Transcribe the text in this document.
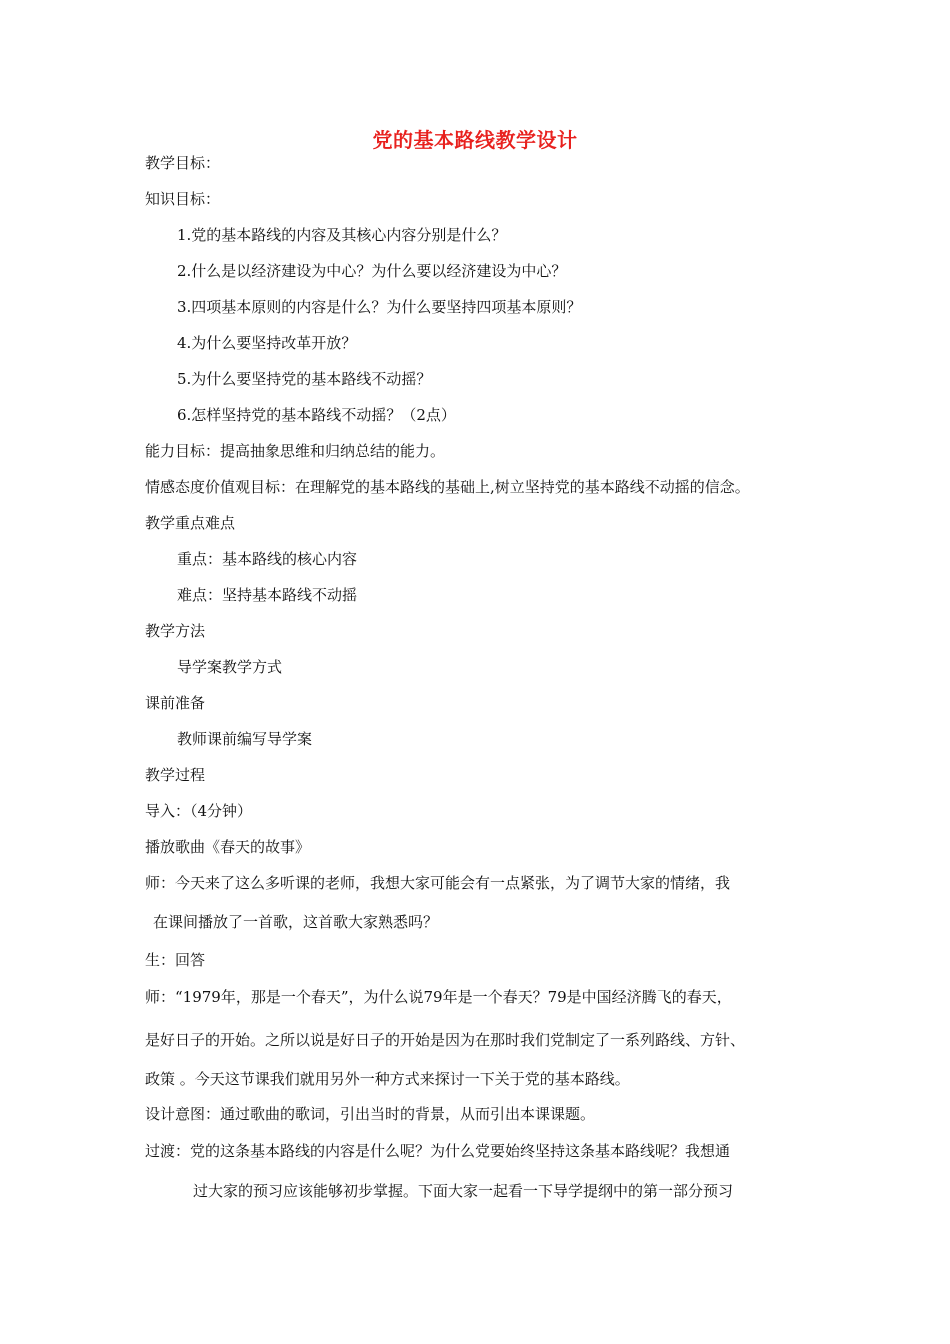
党的基本路线教学设计
教学目标：
知识目标：
1.党的基本路线的内容及其核心内容分别是什么？
2.什么是以经济建设为中心？为什么要以经济建设为中心？
3.四项基本原则的内容是什么？为什么要坚持四项基本原则？
4.为什么要坚持改革开放？
5.为什么要坚持党的基本路线不动摇？
6.怎样坚持党的基本路线不动摇？（2点）
能力目标：提高抽象思维和归纳总结的能力。
情感态度价值观目标：在理解党的基本路线的基础上,树立坚持党的基本路线不动摇的信念。
教学重点难点
重点：基本路线的核心内容
难点：坚持基本路线不动摇
教学方法
导学案教学方式
课前准备
教师课前编写导学案
教学过程
导入：（4分钟）
播放歌曲《春天的故事》
师：今天来了这么多听课的老师，我想大家可能会有一点紧张，为了调节大家的情绪，我
在课间播放了一首歌，这首歌大家熟悉吗？
生：回答
师：“1979年，那是一个春天”，为什么说79年是一个春天？79是中国经济腾飞的春天，
是好日子的开始。之所以说是好日子的开始是因为在那时我们党制定了一系列路线、方针、
政策 。今天这节课我们就用另外一种方式来探讨一下关于党的基本路线。
设计意图：通过歌曲的歌词，引出当时的背景，从而引出本课课题。
过渡：党的这条基本路线的内容是什么呢？为什么党要始终坚持这条基本路线呢？我想通
过大家的预习应该能够初步掌握。下面大家一起看一下导学提纲中的第一部分预习
